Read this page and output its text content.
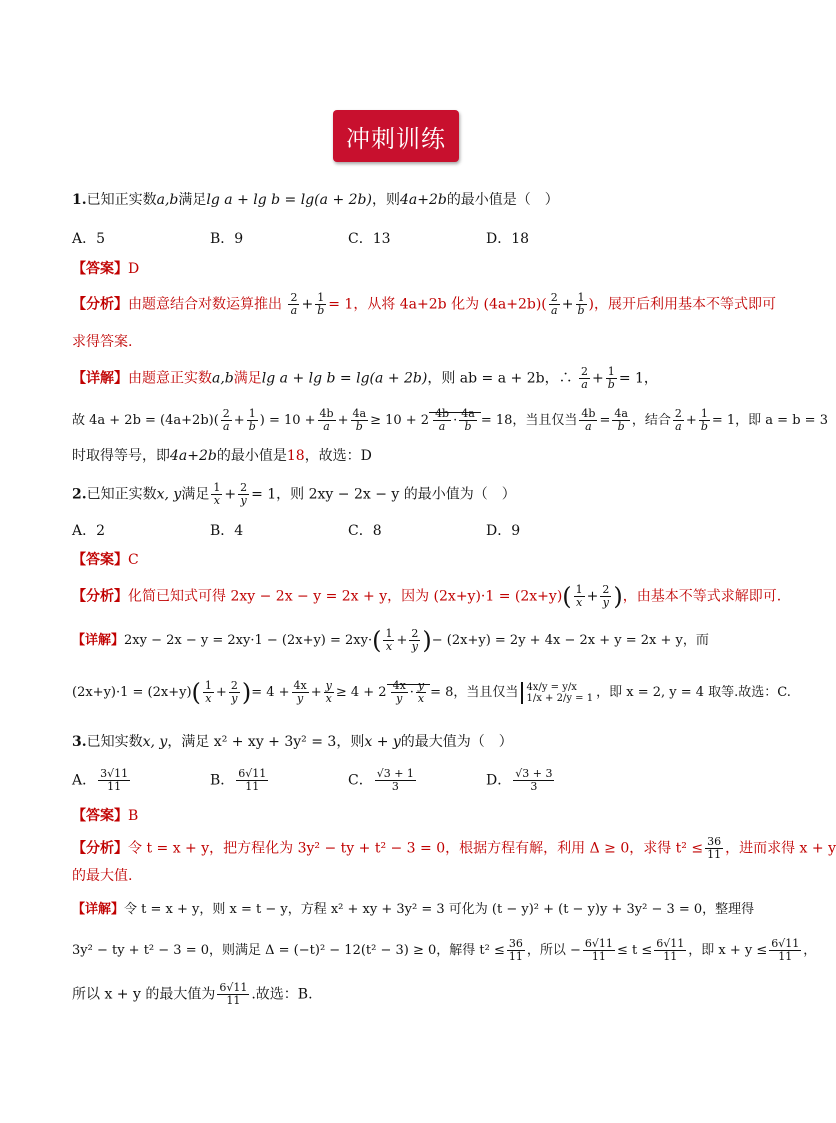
冲刺训练
1.已知正实数a,b满足lg a + lg b = lg(a + 2b)，则4a+2b的最小值是（　）
A．5	B．9	C．13	D．18
【答案】D
【分析】由题意结合对数运算推出 $\frac{2}{a} + \frac{1}{b} = 1$，从将 4a+2b 化为 $(4a+2b)( \frac{2}{a} + \frac{1}{b}$ )，展开后利用基本不等式即可
求得答案.
【详解】由题意正实数a,b满足lg a + lg b = lg(a + 2b)，则 ab = a + 2b，∴ $\frac{2}{a} + \frac{1}{b} = 1$，
故 $4a + 2b = (4a+2b)( \frac{2}{a} + \frac{1}{b}$ ) = $10 + \frac{4b}{a} + \frac{4a}{b} \ge 10 + 2 \frac{4b}{a} \cdot \frac{4a}{b} = 18$，当且仅当 $\frac{4b}{a} = \frac{4a}{b}$ ，结合 $\frac{2}{a} + \frac{1}{b} = 1$，即 a = b = 3
时取得等号，即4a+2b的最小值是18，故选：D
2.已知正实数x, y满足 $\frac{1}{x} + \frac{2}{y} = 1$，则 2xy − 2x − y 的最小值为（　）
A．2	B．4	C．8	D．9
【答案】C
【分析】化简已知式可得 2xy − 2x − y = 2x + y，因为 $(2x+y)\cdot 1 = (2x+y)( \frac{1}{x} + \frac{2}{y}$ )，由基本不等式求解即可.
【详解】$2xy - 2x - y = 2xy\cdot 1 - (2x+y) = 2xy\cdot( \frac{1}{x} + \frac{2}{y}$ )− (2x+y) = 2y + 4x − 2x + y = 2x + y，而
$(2x+y)\cdot 1 = (2x+y)( \frac{1}{x} + \frac{2}{y}$ )= $4 + \frac{4x}{y} + \frac{y}{x} \ge 4 + 2 \frac{4x}{y} \cdot \frac{y}{x} = 8$，当且仅当 4x/y = y/x
1/x + 2/y = 1 ，即 x = 2, y = 4 取等.故选：C.
3.已知实数x, y，满足 x² + xy + 3y² = 3，则x + y的最大值为（　）
A． $\frac{3√11}{11}$	B． $\frac{6√11}{11}$	C． $\frac{√3 + 1}{3}$	D． $\frac{√3 + 3}{3}$
【答案】B
【分析】令 t = x + y，把方程化为 3y² − ty + t² − 3 = 0，根据方程有解，利用 Δ ≥ 0，求得 $t^2 \le \frac{36}{11}$ ，进而求得 x + y
的最大值.
【详解】令 t = x + y，则 x = t − y，方程 x² + xy + 3y² = 3 可化为 (t − y)² + (t − y)y + 3y² − 3 = 0，整理得
3y² − ty + t² − 3 = 0，则满足 Δ = (−t)² − 12(t² − 3) ≥ 0，解得 $t^2 \le \frac{36}{11}$ ，所以 − $\frac{6√11}{11} \le t \le \frac{6√11}{11}$ ，即 $x + y \le \frac{6√11}{11}$ ，
所以 x + y 的最大值为 $\frac{6√11}{11}$ .故选：B.
